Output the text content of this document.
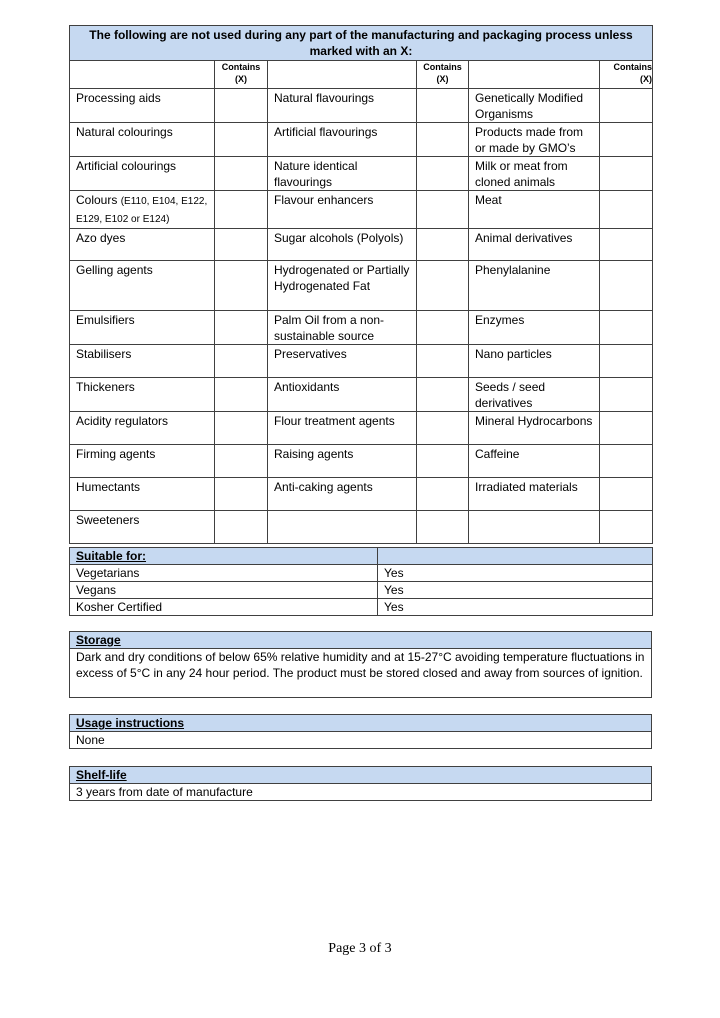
The following are not used during any part of the manufacturing and packaging process unless marked with an X:					
	Contains
(X)		Contains
(X)		Contains
(X)
Processing aids		Natural flavourings		Genetically Modified Organisms	
Natural colourings		Artificial flavourings		Products made from or made by GMO’s	
Artificial colourings		Nature identical flavourings		Milk or meat from cloned animals	
Colours (E110, E104, E122, E129, E102 or E124)		Flavour enhancers		Meat	
Azo dyes		Sugar alcohols (Polyols)		Animal derivatives	
Gelling agents		Hydrogenated or Partially Hydrogenated Fat		Phenylalanine	
Emulsifiers		Palm Oil from a non-sustainable source		Enzymes	
Stabilisers		Preservatives		Nano particles	
Thickeners		Antioxidants		Seeds / seed derivatives	
Acidity regulators		Flour treatment agents		Mineral Hydrocarbons	
Firming agents		Raising agents		Caffeine	
Humectants		Anti-caking agents		Irradiated materials	
Sweeteners					
Suitable for:	
Vegetarians	Yes
Vegans	Yes
Kosher Certified	Yes
Storage
Dark and dry conditions of below 65% relative humidity and at 15-27°C avoiding temperature fluctuations in excess of 5°C in any 24 hour period. The product must be stored closed and away from sources of ignition.
Usage instructions
None
Shelf-life
3 years from date of manufacture
Page 3 of 3
